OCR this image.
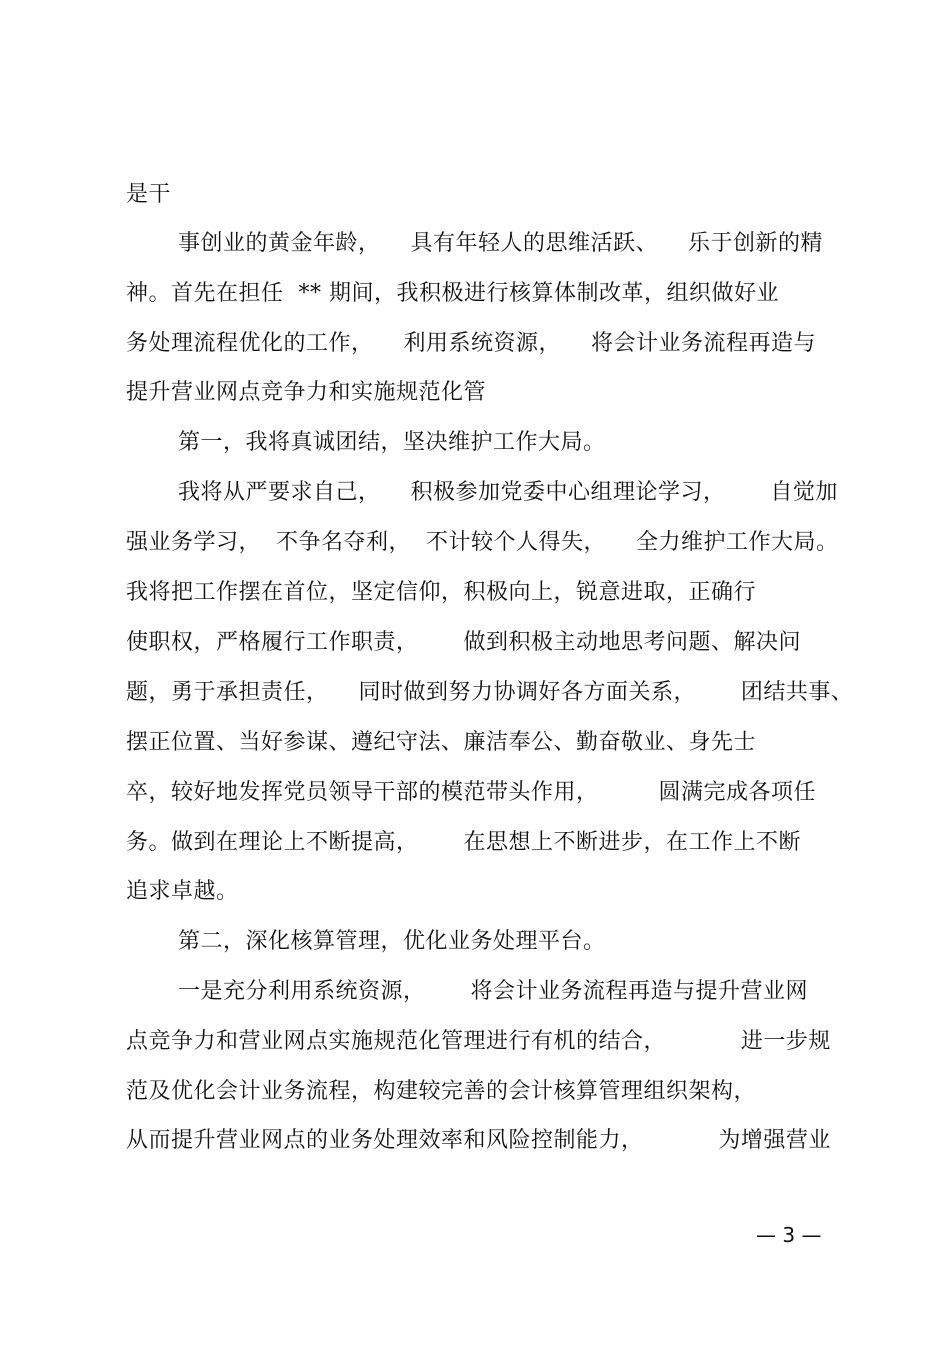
是干
事创业的黄金年龄，    具有年轻人的思维活跃、    乐于创新的精
神。首先在担任  ** 期间，我积极进行核算体制改革，组织做好业
务处理流程优化的工作，    利用系统资源，    将会计业务流程再造与
提升营业网点竞争力和实施规范化管
第一，我将真诚团结，坚决维护工作大局。
我将从严要求自己，    积极参加党委中心组理论学习，      自觉加
强业务学习，  不争名夺利，  不计较个人得失，    全力维护工作大局。
我将把工作摆在首位，坚定信仰，积极向上，锐意进取，正确行
使职权，严格履行工作职责，      做到积极主动地思考问题、解决问
题，勇于承担责任，    同时做到努力协调好各方面关系，      团结共事、
摆正位置、当好参谋、遵纪守法、廉洁奉公、勤奋敬业、身先士
卒，较好地发挥党员领导干部的模范带头作用，        圆满完成各项任
务。做到在理论上不断提高，      在思想上不断进步，在工作上不断
追求卓越。
第二，深化核算管理，优化业务处理平台。
一是充分利用系统资源，      将会计业务流程再造与提升营业网
点竞争力和营业网点实施规范化管理进行有机的结合，          进一步规
范及优化会计业务流程，构建较完善的会计核算管理组织架构，
从而提升营业网点的业务处理效率和风险控制能力，          为增强营业
— 3 —
